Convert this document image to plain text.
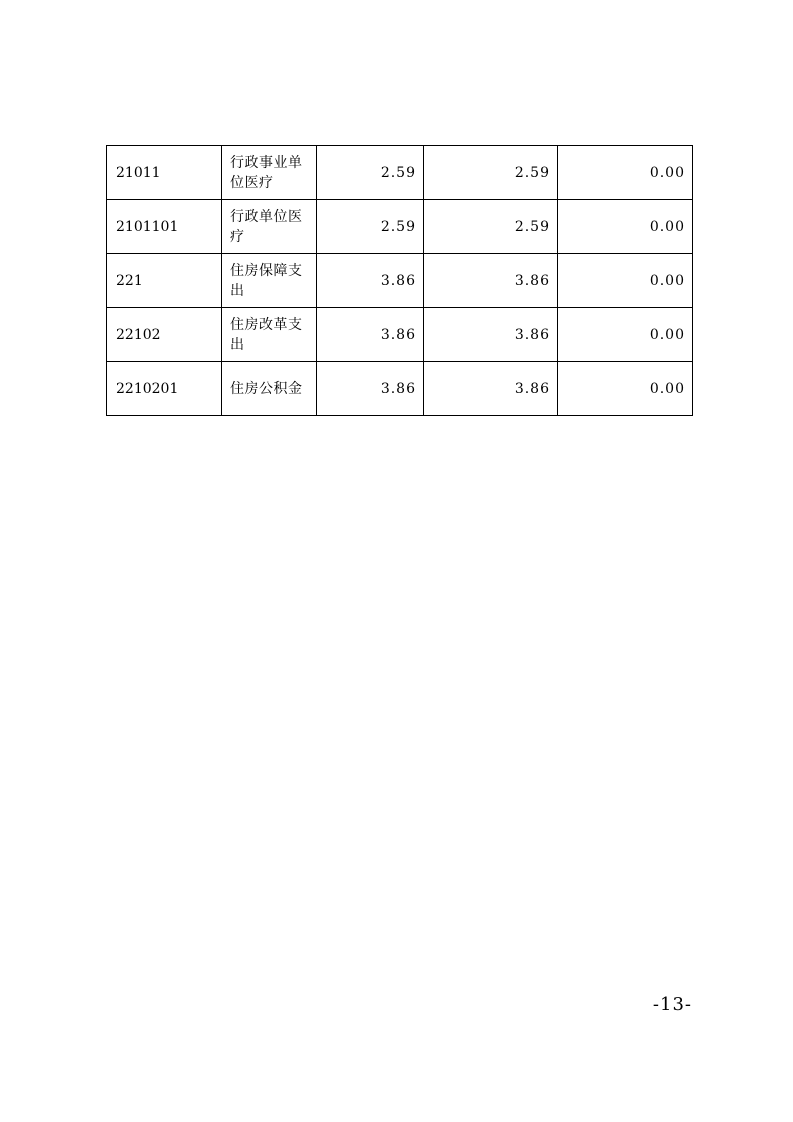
21011	行政事业单位医疗	2.59	2.59	0.00
2101101	行政单位医疗	2.59	2.59	0.00
221	住房保障支出	3.86	3.86	0.00
22102	住房改革支出	3.86	3.86	0.00
2210201	住房公积金	3.86	3.86	0.00
-13-
